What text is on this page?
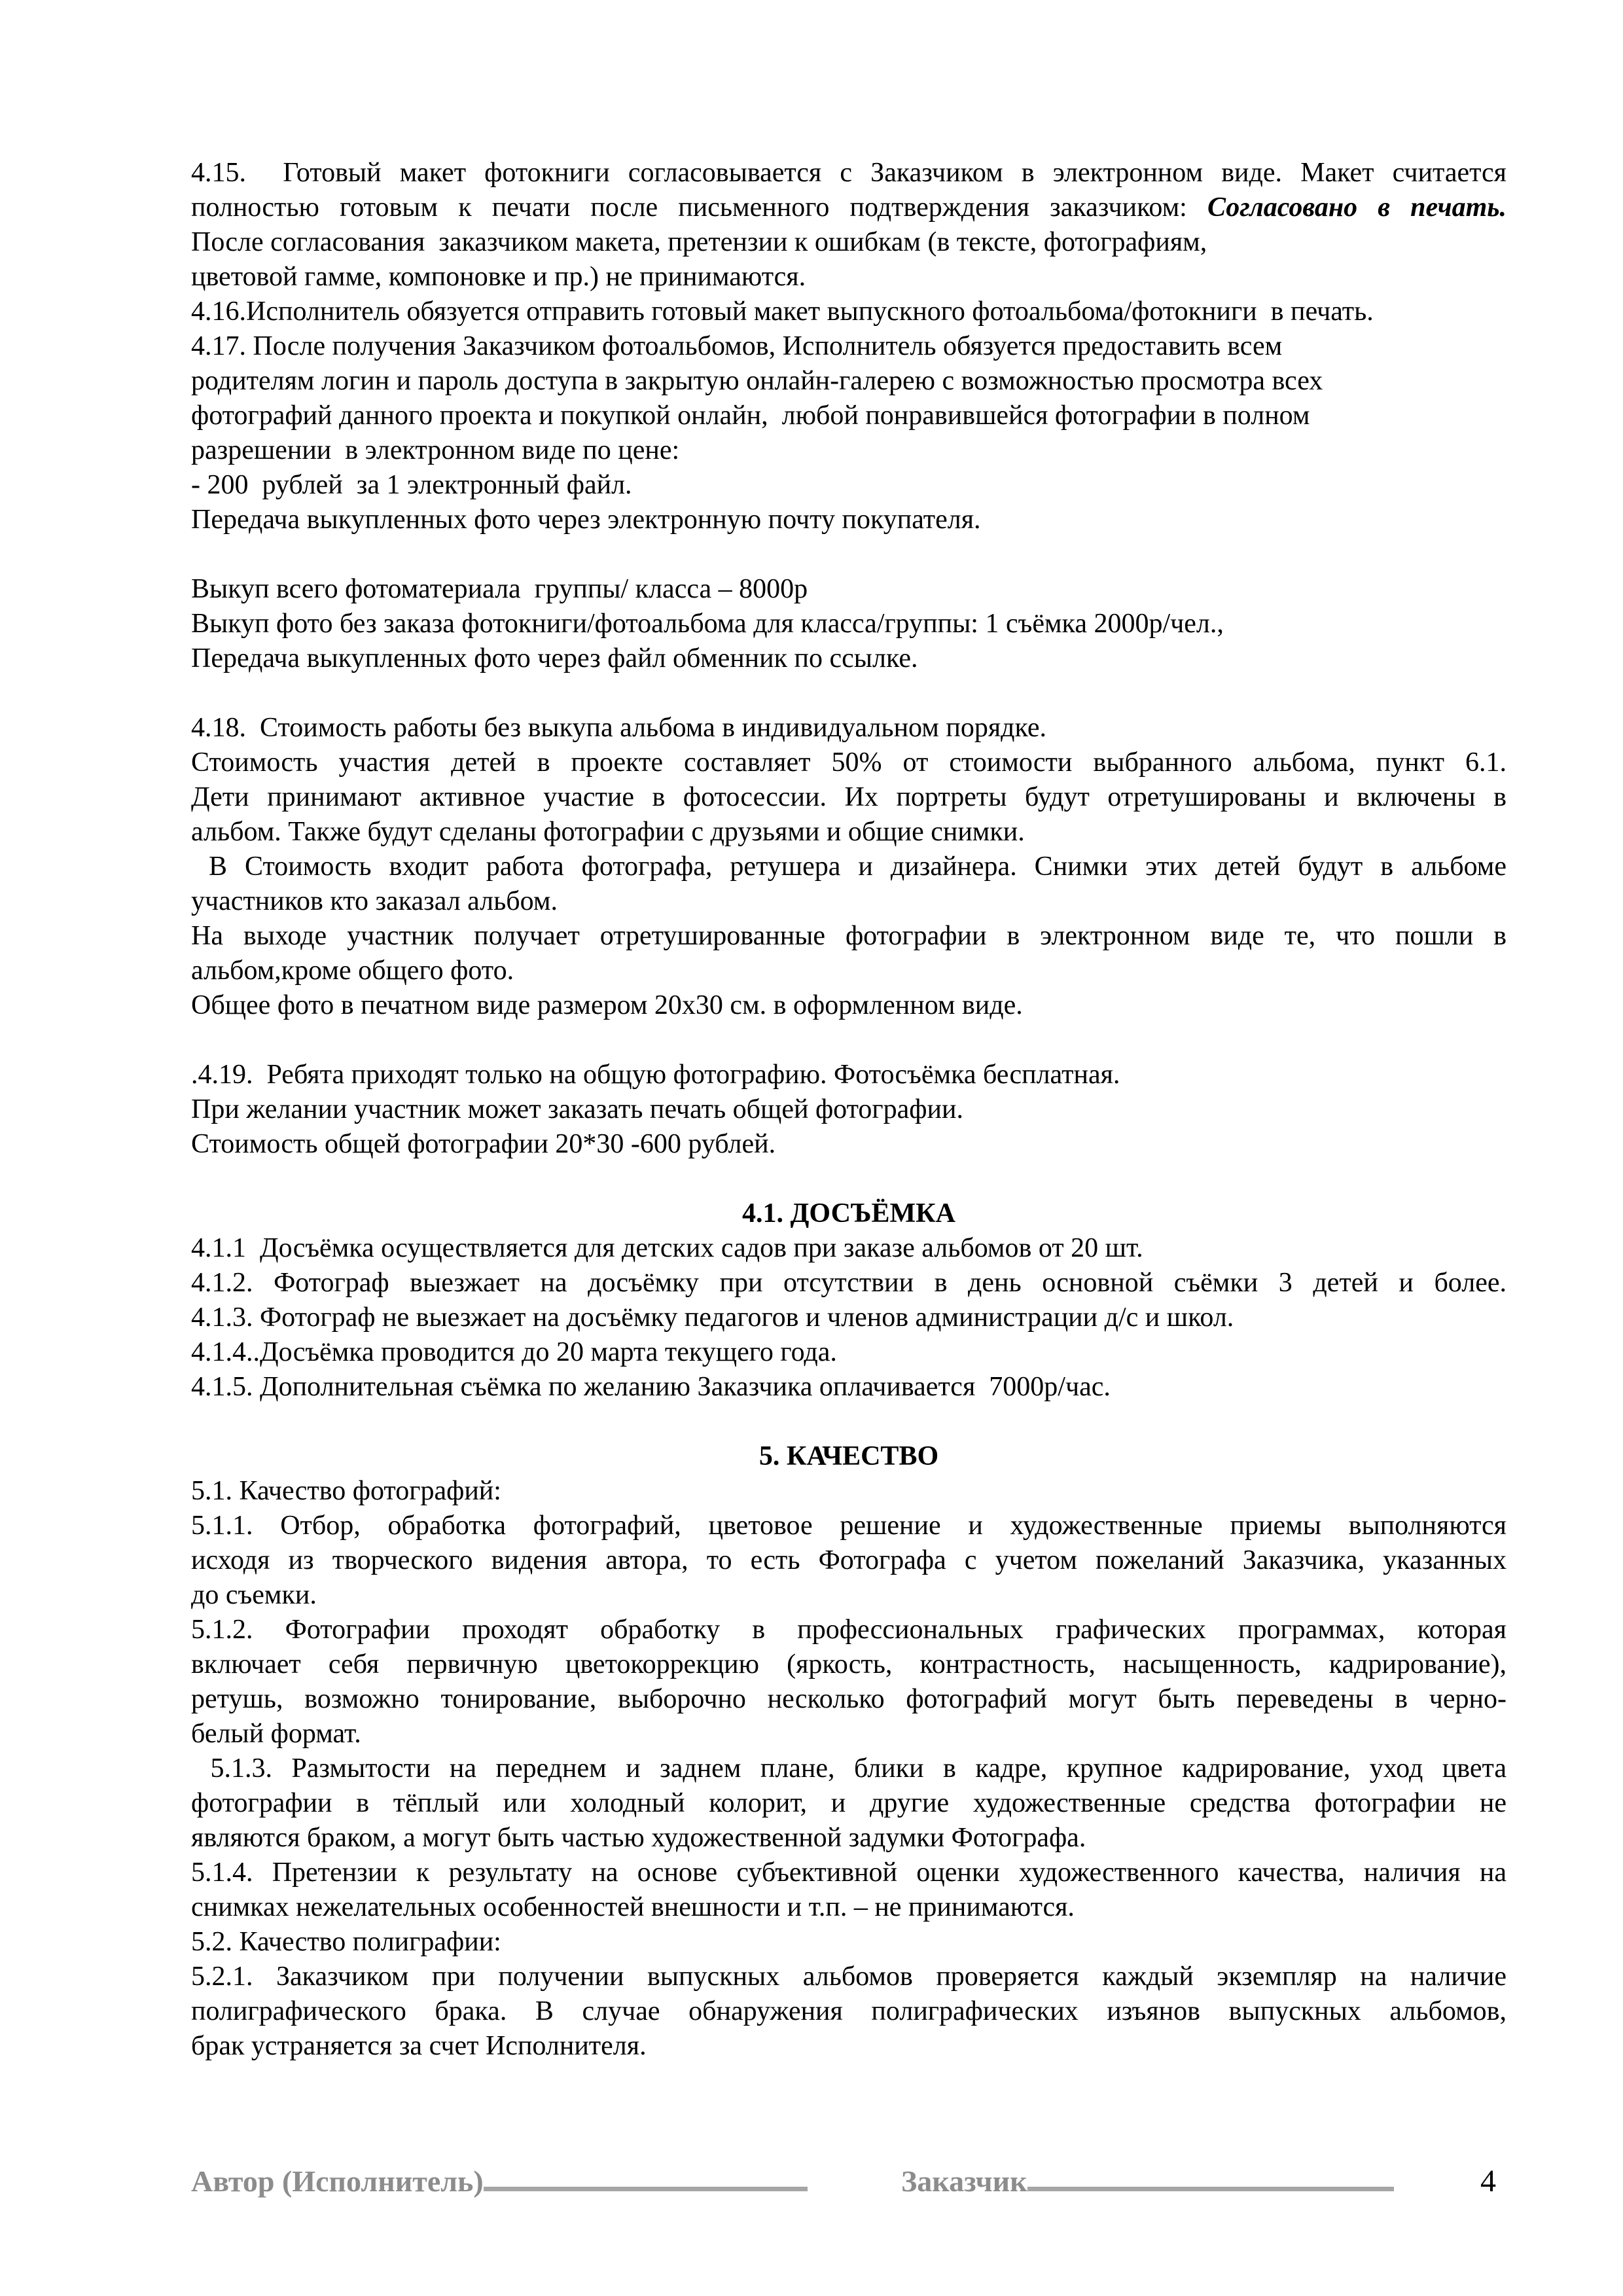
4.15.  Готовый макет фотокниги согласовывается с Заказчиком в электронном виде. Макет считается
полностью готовым к печати после письменного подтверждения заказчиком: Согласовано в печать.
После согласования  заказчиком макета, претензии к ошибкам (в тексте, фотографиям,
цветовой гамме, компоновке и пр.) не принимаются.
4.16.Исполнитель обязуется отправить готовый макет выпускного фотоальбома/фотокниги  в печать.
4.17. После получения Заказчиком фотоальбомов, Исполнитель обязуется предоставить всем
родителям логин и пароль доступа в закрытую онлайн-галерею с возможностью просмотра всех
фотографий данного проекта и покупкой онлайн,  любой понравившейся фотографии в полном
разрешении  в электронном виде по цене:
- 200  рублей  за 1 электронный файл.
Передача выкупленных фото через электронную почту покупателя.

Выкуп всего фотоматериала  группы/ класса – 8000р
Выкуп фото без заказа фотокниги/фотоальбома для класса/группы: 1 съёмка 2000р/чел.,
Передача выкупленных фото через файл обменник по ссылке.

4.18.  Стоимость работы без выкупа альбома в индивидуальном порядке.
Стоимость участия детей в проекте составляет 50% от стоимости выбранного альбома, пункт 6.1.
Дети принимают активное участие в фотосессии. Их портреты будут отретушированы и включены в
альбом. Также будут сделаны фотографии с друзьями и общие снимки.
В Стоимость входит работа фотографа, ретушера и дизайнера. Снимки этих детей будут в альбоме
участников кто заказал альбом.
На выходе участник получает отретушированные фотографии в электронном виде те, что пошли в
альбом,кроме общего фото.
Общее фото в печатном виде размером 20х30 см. в оформленном виде.

.4.19.  Ребята приходят только на общую фотографию. Фотосъёмка бесплатная.
При желании участник может заказать печать общей фотографии.
Стоимость общей фотографии 20*30 -600 рублей.

4.1. ДОСЪЁМКА
4.1.1  Досъёмка осуществляется для детских садов при заказе альбомов от 20 шт.
4.1.2. Фотограф выезжает на досъёмку при отсутствии в день основной съёмки 3 детей и более.
4.1.3. Фотограф не выезжает на досъёмку педагогов и членов администрации д/с и школ.
4.1.4..Досъёмка проводится до 20 марта текущего года.
4.1.5. Дополнительная съёмка по желанию Заказчика оплачивается  7000р/час.

5. КАЧЕСТВО
5.1. Качество фотографий:
5.1.1. Отбор, обработка фотографий, цветовое решение и художественные приемы выполняются
исходя из творческого видения автора, то есть Фотографа с учетом пожеланий Заказчика, указанных
до съемки.
5.1.2. Фотографии проходят обработку в профессиональных графических программах, которая
включает себя первичную цветокоррекцию (яркость, контрастность, насыщенность, кадрирование),
ретушь, возможно тонирование, выборочно несколько фотографий могут быть переведены в черно-
белый формат.
5.1.3. Размытости на переднем и заднем плане, блики в кадре, крупное кадрирование, уход цвета
фотографии в тёплый или холодный колорит, и другие художественные средства фотографии не
являются браком, а могут быть частью художественной задумки Фотографа.
5.1.4. Претензии к результату на основе субъективной оценки художественного качества, наличия на
снимках нежелательных особенностей внешности и т.п. – не принимаются.
5.2. Качество полиграфии:
5.2.1. Заказчиком при получении выпускных альбомов проверяется каждый экземпляр на наличие
полиграфического брака. В случае обнаружения полиграфических изъянов выпускных альбомов,
брак устраняется за счет Исполнителя.
Автор (Исполнитель)	Заказчик	4
